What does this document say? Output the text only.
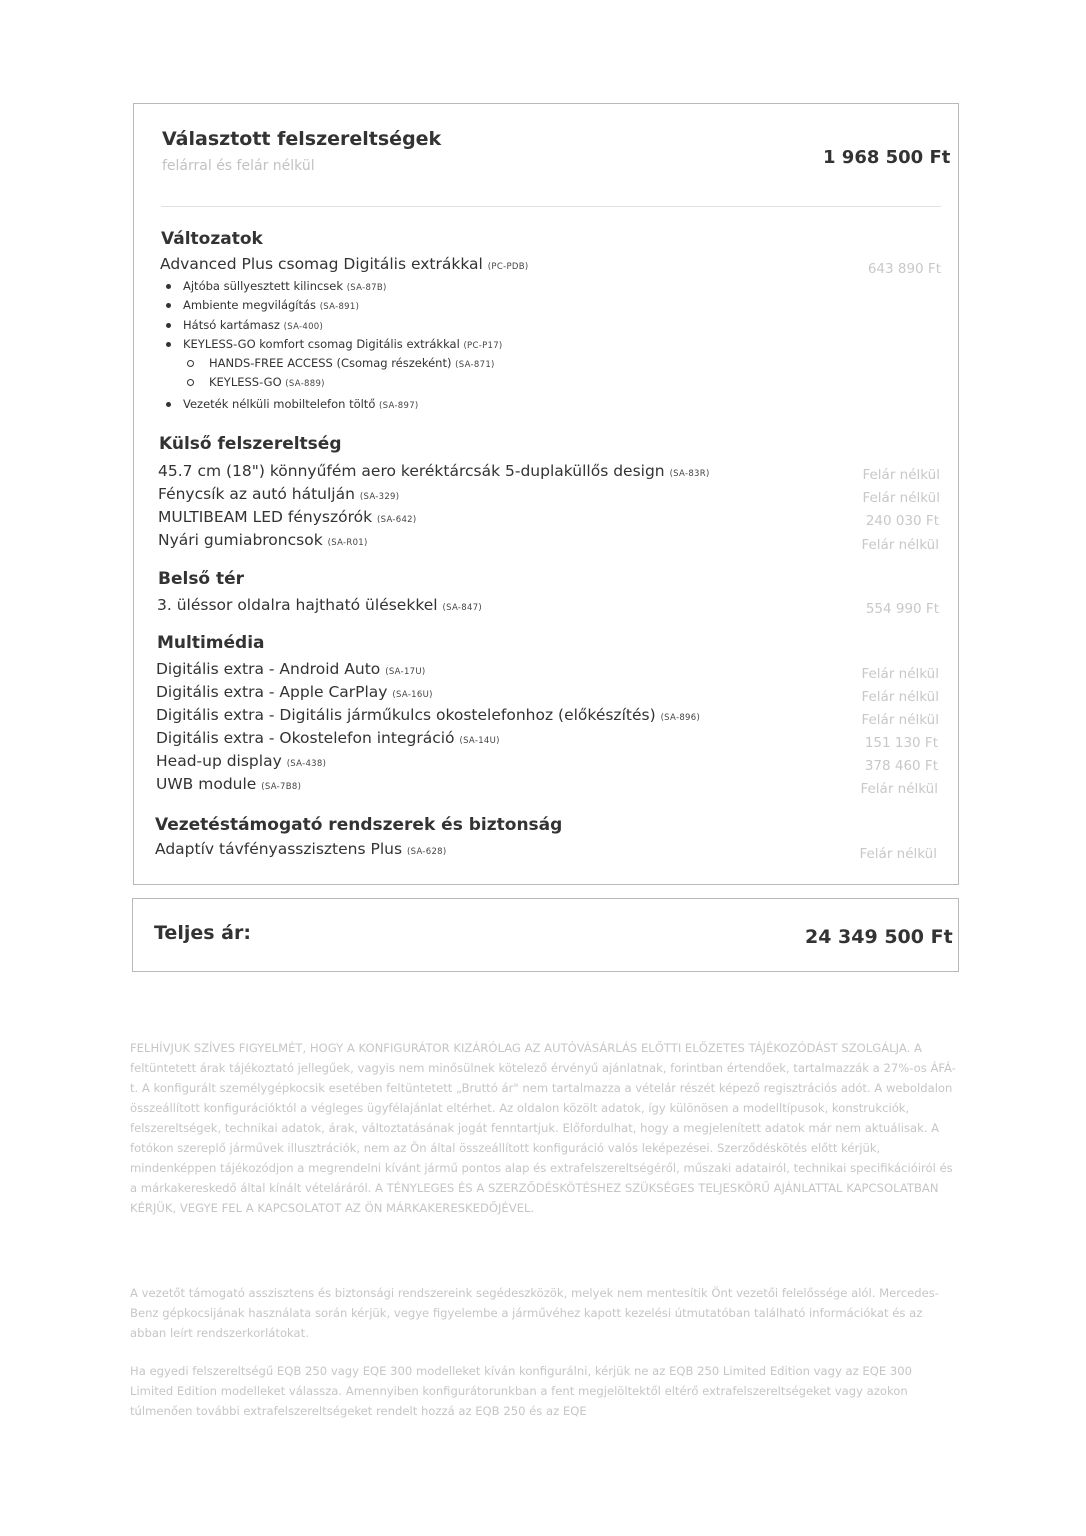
Választott felszereltségek
felárral és felár nélkül	1 968 500 Ft
Változatok
Advanced Plus csomag Digitális extrákkal (PC-PDB)	643 890 Ft
Ajtóba süllyesztett kilincsek (SA-87B)
Ambiente megvilágítás (SA-891)
Hátsó kartámasz (SA-400)
KEYLESS-GO komfort csomag Digitális extrákkal (PC-P17)
HANDS-FREE ACCESS (Csomag részeként) (SA-871)
KEYLESS-GO (SA-889)
Vezeték nélküli mobiltelefon töltő (SA-897)
Külső felszereltség
45.7 cm (18") könnyűfém aero keréktárcsák 5-duplaküllős design (SA-83R)	Felár nélkül
Fénycsík az autó hátulján (SA-329)	Felár nélkül
MULTIBEAM LED fényszórók (SA-642)	240 030 Ft
Nyári gumiabroncsok (SA-R01)	Felár nélkül
Belső tér
3. üléssor oldalra hajtható ülésekkel (SA-847)	554 990 Ft
Multimédia
Digitális extra - Android Auto (SA-17U)	Felár nélkül
Digitális extra - Apple CarPlay (SA-16U)	Felár nélkül
Digitális extra - Digitális járműkulcs okostelefonhoz (előkészítés) (SA-896)	Felár nélkül
Digitális extra - Okostelefon integráció (SA-14U)	151 130 Ft
Head-up display (SA-438)	378 460 Ft
UWB module (SA-7B8)	Felár nélkül
Vezetéstámogató rendszerek és biztonság
Adaptív távfényasszisztens Plus (SA-628)	Felár nélkül
Teljes ár:	24 349 500 Ft
FELHÍVJUK SZÍVES FIGYELMÉT, HOGY A KONFIGURÁTOR KIZÁRÓLAG AZ AUTÓVÁSÁRLÁS ELŐTTI ELŐZETES TÁJÉKOZÓDÁST SZOLGÁLJA. A feltüntetett árak tájékoztató jellegűek, vagyis nem minősülnek kötelező érvényű ajánlatnak, forintban értendőek, tartalmazzák a 27%-os ÁFÁ-t. A konfigurált személygépkocsik esetében feltüntetett „Bruttó ár" nem tartalmazza a vételár részét képező regisztrációs adót. A weboldalon összeállított konfigurációktól a végleges ügyfélajánlat eltérhet. Az oldalon közölt adatok, így különösen a modelltípusok, konstrukciók, felszereltségek, technikai adatok, árak, változtatásának jogát fenntartjuk. Előfordulhat, hogy a megjelenített adatok már nem aktuálisak. A fotókon szereplő járművek illusztrációk, nem az Ön által összeállított konfiguráció valós leképezései. Szerződéskötés előtt kérjük, mindenképpen tájékozódjon a megrendelni kívánt jármű pontos alap és extrafelszereltségéről, műszaki adatairól, technikai specifikációiról és a márkakereskedő által kínált vételáráról. A TÉNYLEGES ÉS A SZERZŐDÉSKÖTÉSHEZ SZÜKSÉGES TELJESKÖRŰ AJÁNLATTAL KAPCSOLATBAN KÉRJÜK, VEGYE FEL A KAPCSOLATOT AZ ÖN MÁRKAKERESKEDŐJÉVEL.
A vezetőt támogató asszisztens és biztonsági rendszereink segédeszközök, melyek nem mentesítik Önt vezetői felelőssége alól. Mercedes-Benz gépkocsijának használata során kérjük, vegye figyelembe a járművéhez kapott kezelési útmutatóban található információkat és az abban leírt rendszerkorlátokat.
Ha egyedi felszereltségű EQB 250 vagy EQE 300 modelleket kíván konfigurálni, kérjük ne az EQB 250 Limited Edition vagy az EQE 300 Limited Edition modelleket válassza. Amennyiben konfigurátorunkban a fent megjelöltektől eltérő extrafelszereltségeket vagy azokon túlmenően további extrafelszereltségeket rendelt hozzá az EQB 250 és az EQE
